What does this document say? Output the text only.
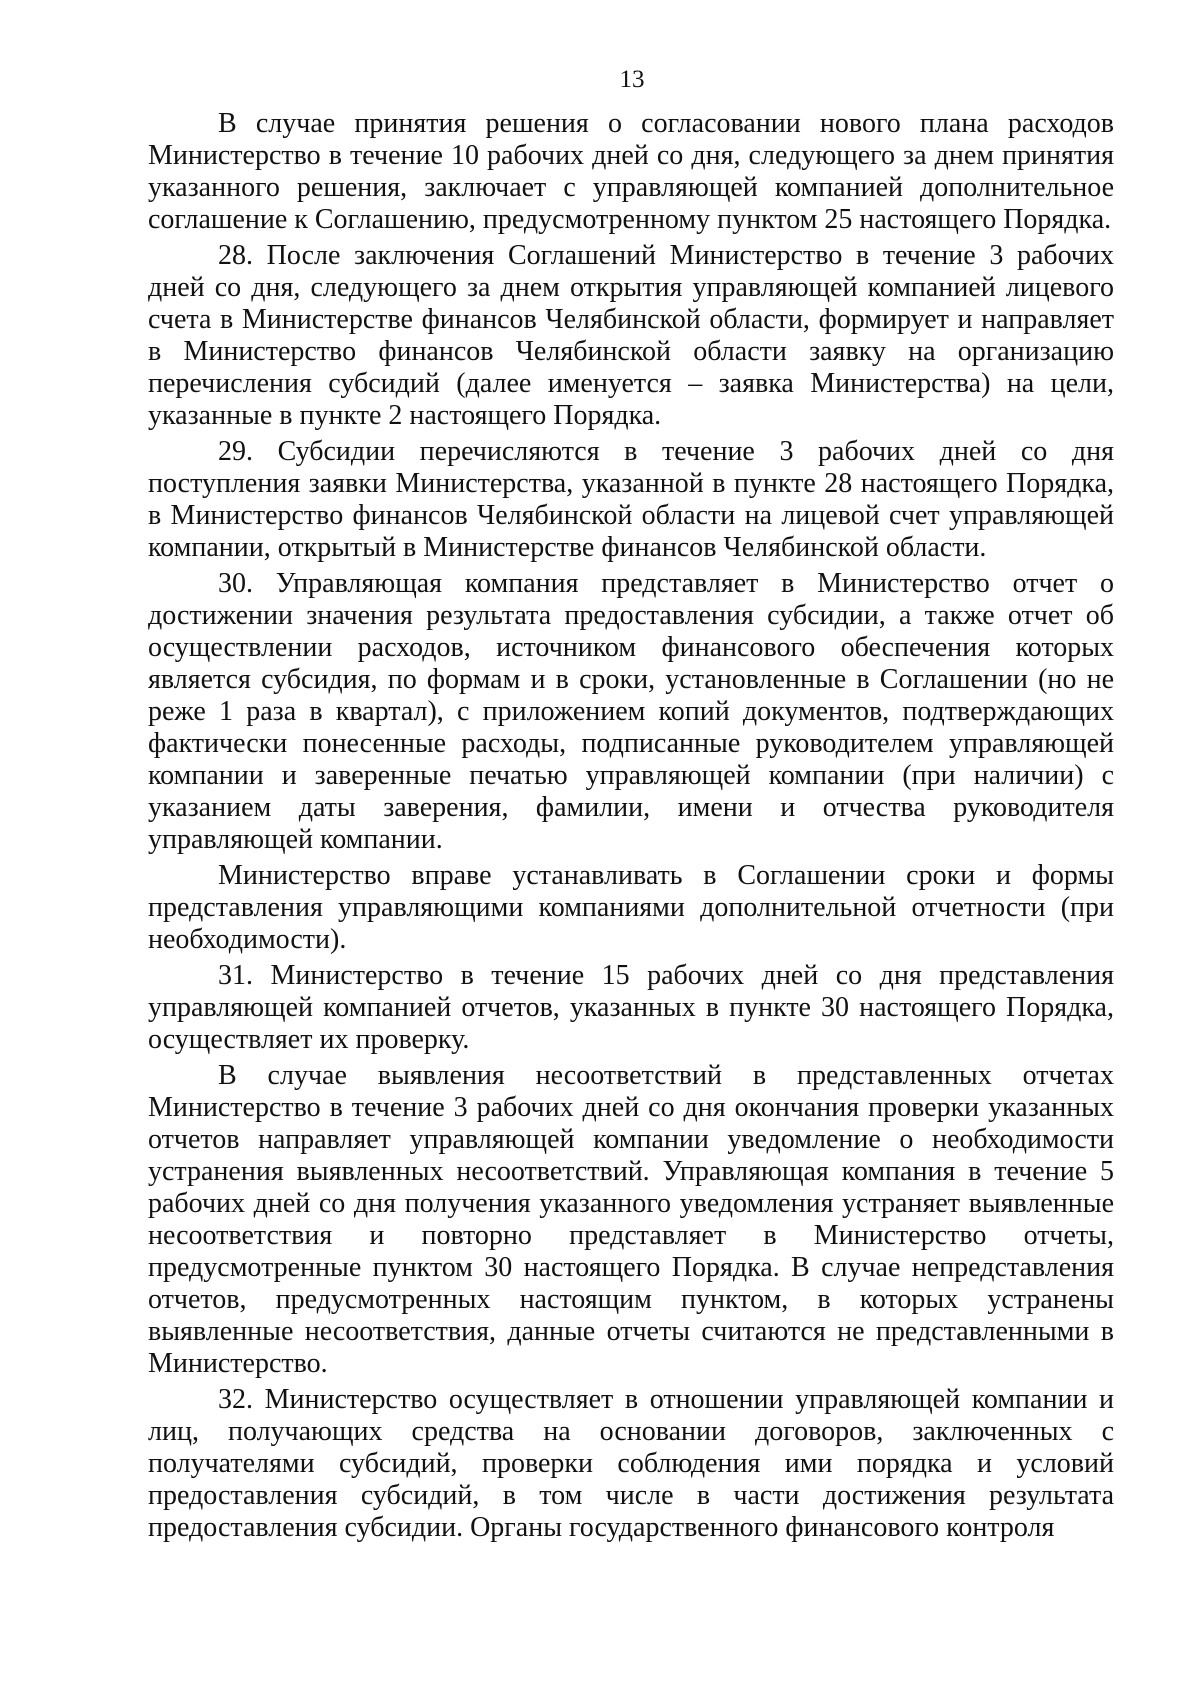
13

В случае принятия решения о согласовании нового плана расходов Министерство в течение 10 рабочих дней со дня, следующего за днем принятия указанного решения, заключает с управляющей компанией дополнительное соглашение к Соглашению, предусмотренному пунктом 25 настоящего Порядка.

28. После заключения Соглашений Министерство в течение 3 рабочих дней со дня, следующего за днем открытия управляющей компанией лицевого счета в Министерстве финансов Челябинской области, формирует и направляет в Министерство финансов Челябинской области заявку на организацию перечисления субсидий (далее именуется – заявка Министерства) на цели, указанные в пункте 2 настоящего Порядка.

29. Субсидии перечисляются в течение 3 рабочих дней со дня поступления заявки Министерства, указанной в пункте 28 настоящего Порядка, в Министерство финансов Челябинской области на лицевой счет управляющей компании, открытый в Министерстве финансов Челябинской области.

30. Управляющая компания представляет в Министерство отчет о достижении значения результата предоставления субсидии, а также отчет об осуществлении расходов, источником финансового обеспечения которых является субсидия, по формам и в сроки, установленные в Соглашении (но не реже 1 раза в квартал), с приложением копий документов, подтверждающих фактически понесенные расходы, подписанные руководителем управляющей компании и заверенные печатью управляющей компании (при наличии) с указанием даты заверения, фамилии, имени и отчества руководителя управляющей компании.

Министерство вправе устанавливать в Соглашении сроки и формы представления управляющими компаниями дополнительной отчетности (при необходимости).

31. Министерство в течение 15 рабочих дней со дня представления управляющей компанией отчетов, указанных в пункте 30 настоящего Порядка, осуществляет их проверку.

В случае выявления несоответствий в представленных отчетах Министерство в течение 3 рабочих дней со дня окончания проверки указанных отчетов направляет управляющей компании уведомление о необходимости устранения выявленных несоответствий. Управляющая компания в течение 5 рабочих дней со дня получения указанного уведомления устраняет выявленные несоответствия и повторно представляет в Министерство отчеты, предусмотренные пунктом 30 настоящего Порядка. В случае непредставления отчетов, предусмотренных настоящим пунктом, в которых устранены выявленные несоответствия, данные отчеты считаются не представленными в Министерство.

32. Министерство осуществляет в отношении управляющей компании и лиц, получающих средства на основании договоров, заключенных с получателями субсидий, проверки соблюдения ими порядка и условий предоставления субсидий, в том числе в части достижения результата предоставления субсидии. Органы государственного финансового контроля
